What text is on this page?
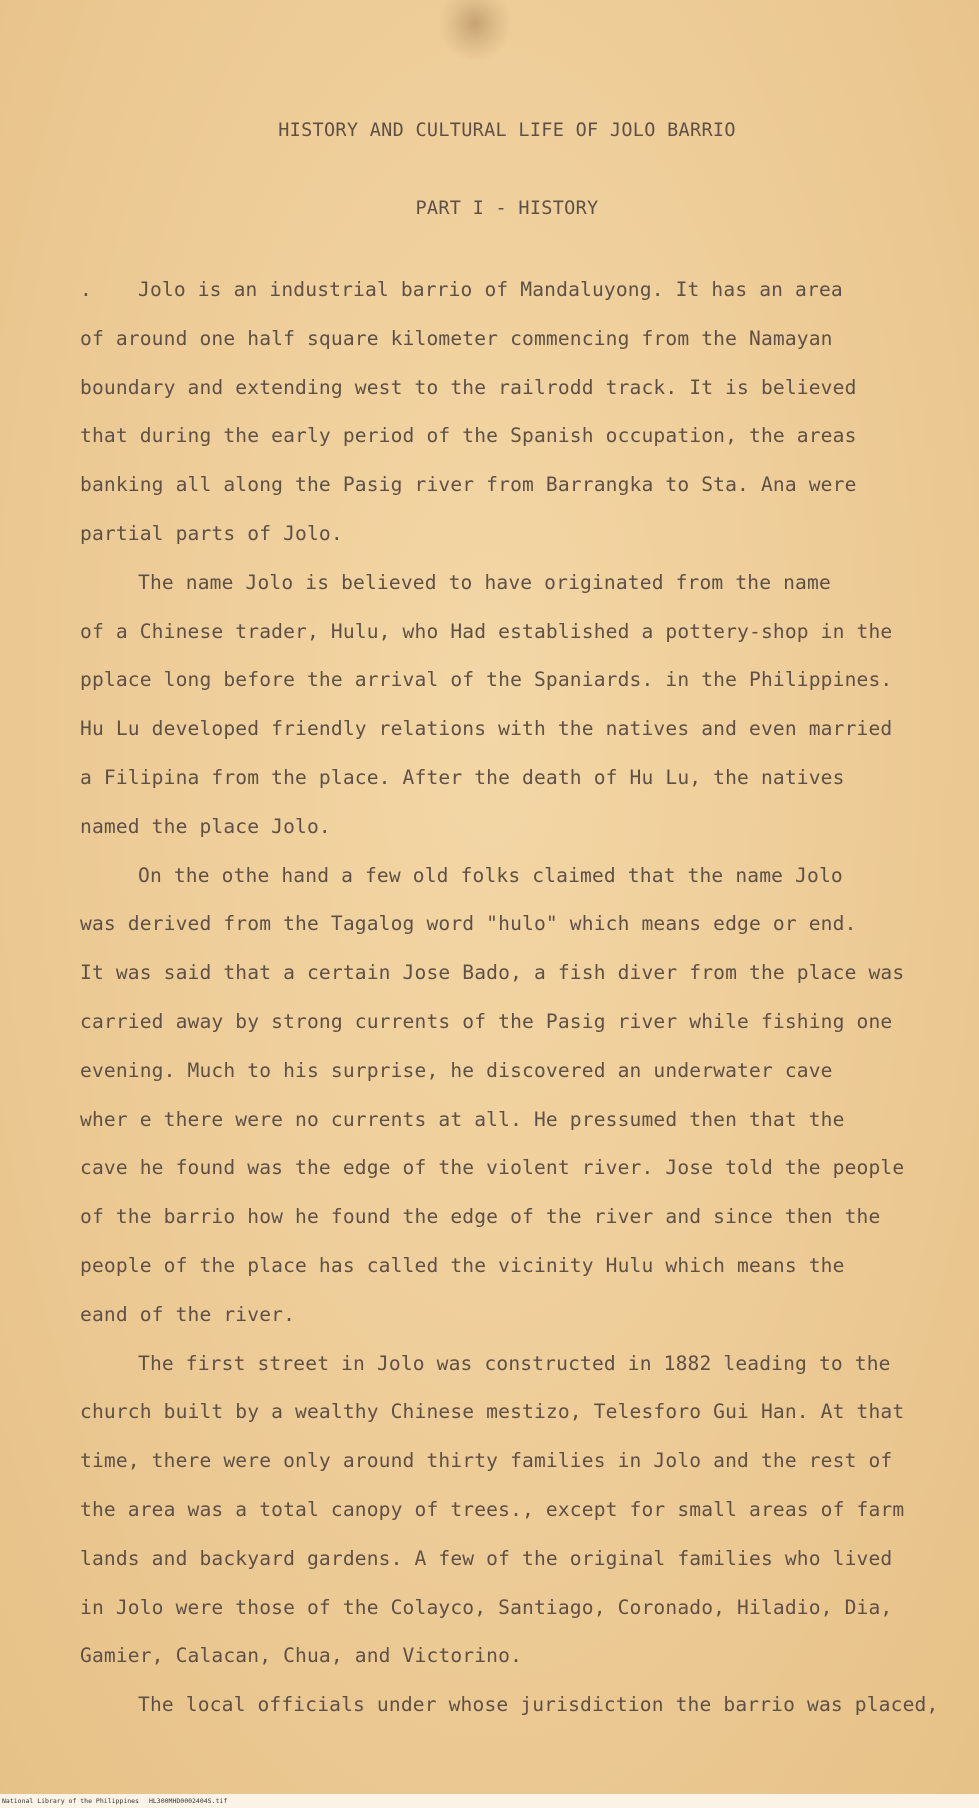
HISTORY AND CULTURAL LIFE OF JOLO BARRIO
PART I - HISTORY
. Jolo is an industrial barrio of Mandaluyong. It has an area
of around one half square kilometer commencing from the Namayan
boundary and extending west to the railrodd track. It is believed
that during the early period of the Spanish occupation, the areas
banking all along the Pasig river from Barrangka to Sta. Ana were
partial parts of Jolo.
The name Jolo is believed to have originated from the name
of a Chinese trader, Hulu, who Had established a pottery-shop in the
pplace long before the arrival of the Spaniards. in the Philippines.
Hu Lu developed friendly relations with the natives and even married
a Filipina from the place. After the death of Hu Lu, the natives
named the place Jolo.
On the othe hand a few old folks claimed that the name Jolo
was derived from the Tagalog word "hulo" which means edge or end.
It was said that a certain Jose Bado, a fish diver from the place was
carried away by strong currents of the Pasig river while fishing one
evening. Much to his surprise, he discovered an underwater cave
wher e there were no currents at all. He pressumed then that the
cave he found was the edge of the violent river. Jose told the people
of the barrio how he found the edge of the river and since then the
people of the place has called the vicinity Hulu which means the
eand of the river.
The first street in Jolo was constructed in 1882 leading to the
church built by a wealthy Chinese mestizo, Telesforo Gui Han. At that
time, there were only around thirty families in Jolo and the rest of
the area was a total canopy of trees., except for small areas of farm
lands and backyard gardens. A few of the original families who lived
in Jolo were those of the Colayco, Santiago, Coronado, Hiladio, Dia,
Gamier, Calacan, Chua, and Victorino.
The local officials under whose jurisdiction the barrio was placed,
National Library of the Philippines HL300MHD0002404S.tif
